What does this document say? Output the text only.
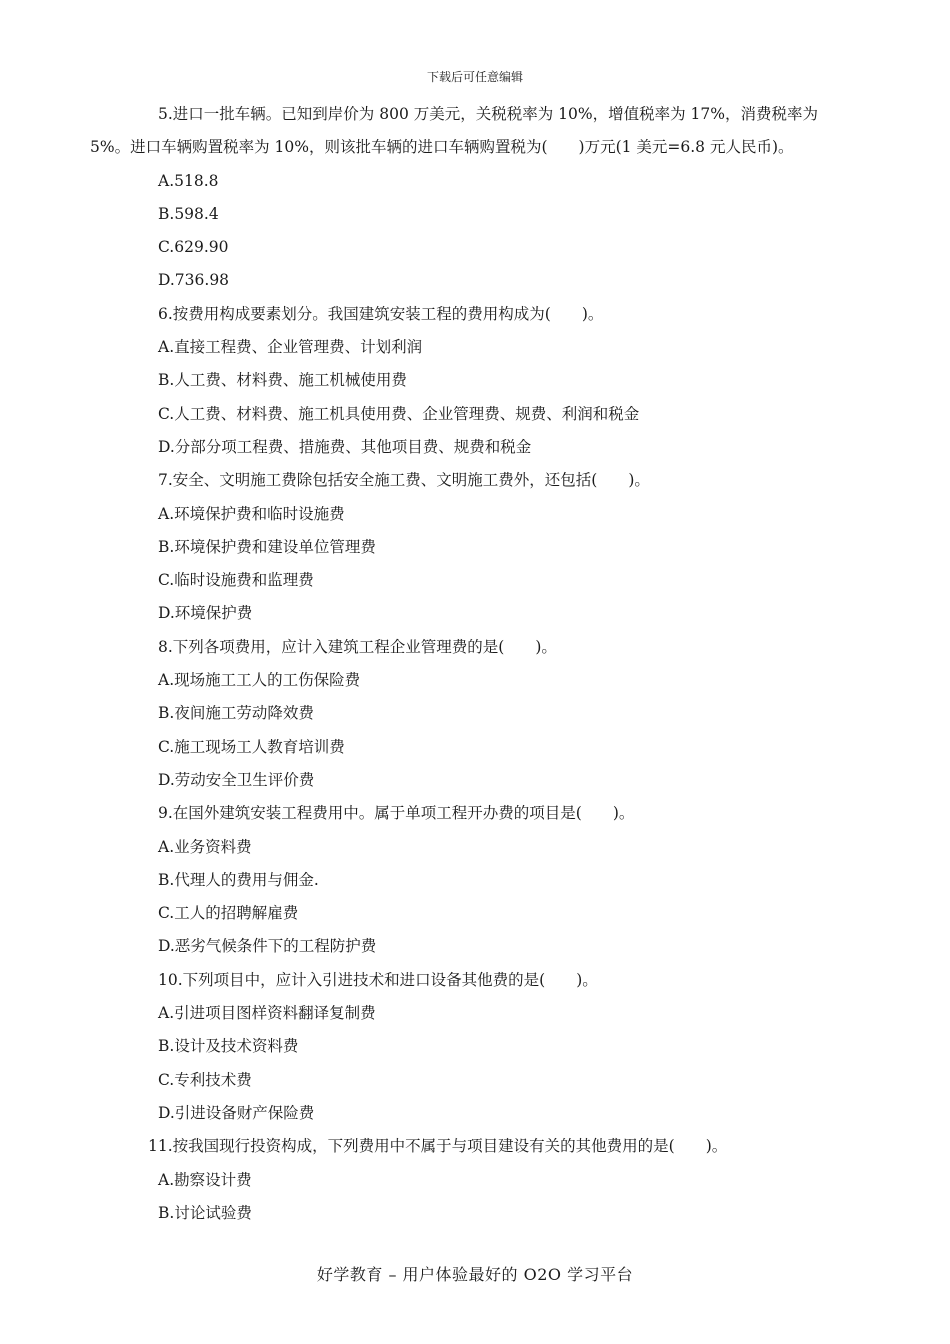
下载后可任意编辑
5.进口一批车辆。已知到岸价为 800 万美元，关税税率为 10%，增值税率为 17%，消费税率为
5%。进口车辆购置税率为 10%，则该批车辆的进口车辆购置税为(　　)万元(1 美元=6.8 元人民币)。
A.518.8
B.598.4
C.629.90
D.736.98
6.按费用构成要素划分。我国建筑安装工程的费用构成为(　　)。
A.直接工程费、企业管理费、计划利润
B.人工费、材料费、施工机械使用费
C.人工费、材料费、施工机具使用费、企业管理费、规费、利润和税金
D.分部分项工程费、措施费、其他项目费、规费和税金
7.安全、文明施工费除包括安全施工费、文明施工费外，还包括(　　)。
A.环境保护费和临时设施费
B.环境保护费和建设单位管理费
C.临时设施费和监理费
D.环境保护费
8.下列各项费用，应计入建筑工程企业管理费的是(　　)。
A.现场施工工人的工伤保险费
B.夜间施工劳动降效费
C.施工现场工人教育培训费
D.劳动安全卫生评价费
9.在国外建筑安装工程费用中。属于单项工程开办费的项目是(　　)。
A.业务资料费
B.代理人的费用与佣金.
C.工人的招聘解雇费
D.恶劣气候条件下的工程防护费
10.下列项目中，应计入引进技术和进口设备其他费的是(　　)。
A.引进项目图样资料翻译复制费
B.设计及技术资料费
C.专利技术费
D.引进设备财产保险费
11.按我国现行投资构成，下列费用中不属于与项目建设有关的其他费用的是(　　)。
A.勘察设计费
B.讨论试验费
好学教育 – 用户体验最好的 O2O 学习平台
